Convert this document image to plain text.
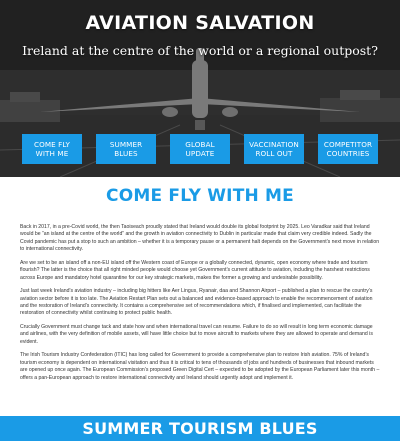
AVIATION SALVATION

Ireland at the centre of the world or a regional outpost?

COME FLY
WITH ME
SUMMER
BLUES
GLOBAL
UPDATE
VACCINATION
ROLL OUT
COMPETITOR
COUNTRIES
COME FLY WITH ME

Back in 2017, in a pre-Covid world, the then Taoiseach proudly stated that Ireland would double its global footprint by 2025. Leo Varadkar said that Ireland would be “an island at the centre of the world” and the growth in aviation connectivity to Dublin in particular made that claim very credible indeed. Sadly the Covid pandemic has put a stop to such an ambition – whether it is a temporary pause or a permanent halt depends on the Government’s next move in relation to international connectivity.

Are we set to be an island off a non-EU island off the Western coast of Europe or a globally connected, dynamic, open economy where trade and tourism flourish? The latter is the choice that all right minded people would choose yet Government’s current attitude to aviation, including the harshest restrictions across Europe and mandatory hotel quarantine for our key strategic markets, makes the former a growing and undesirable possibility.

Just last week Ireland’s aviation industry – including big hitters like Aer Lingus, Ryanair, daa and Shannon Airport – published a plan to rescue the country’s aviation sector before it is too late. The Aviation Restart Plan sets out a balanced and evidence-based approach to enable the recommencement of aviation and the restoration of Ireland’s connectivity. It contains a comprehensive set of recommendations which, if finalised and implemented, can facilitate the restoration of connectivity whilst continuing to protect public health.

Crucially Government must change tack and state how and when international travel can resume. Failure to do so will result in long term economic damage and airlines, with the very definition of mobile assets, will have little choice but to move aircraft to markets where they are allowed to operate and demand is evident.

The Irish Tourism Industry Confederation (ITIC) has long called for Government to provide a comprehensive plan to restore Irish aviation. 75% of Ireland’s tourism economy is dependent on international visitation and thus it is critical to tens of thousands of jobs and hundreds of businesses that inbound markets are opened up once again. The European Commission’s proposed Green Digital Cert – expected to be adopted by the European Parliament later this month – offers a pan-European approach to restore international connectivity and Ireland should urgently adopt and implement it.

SUMMER TOURISM BLUES
